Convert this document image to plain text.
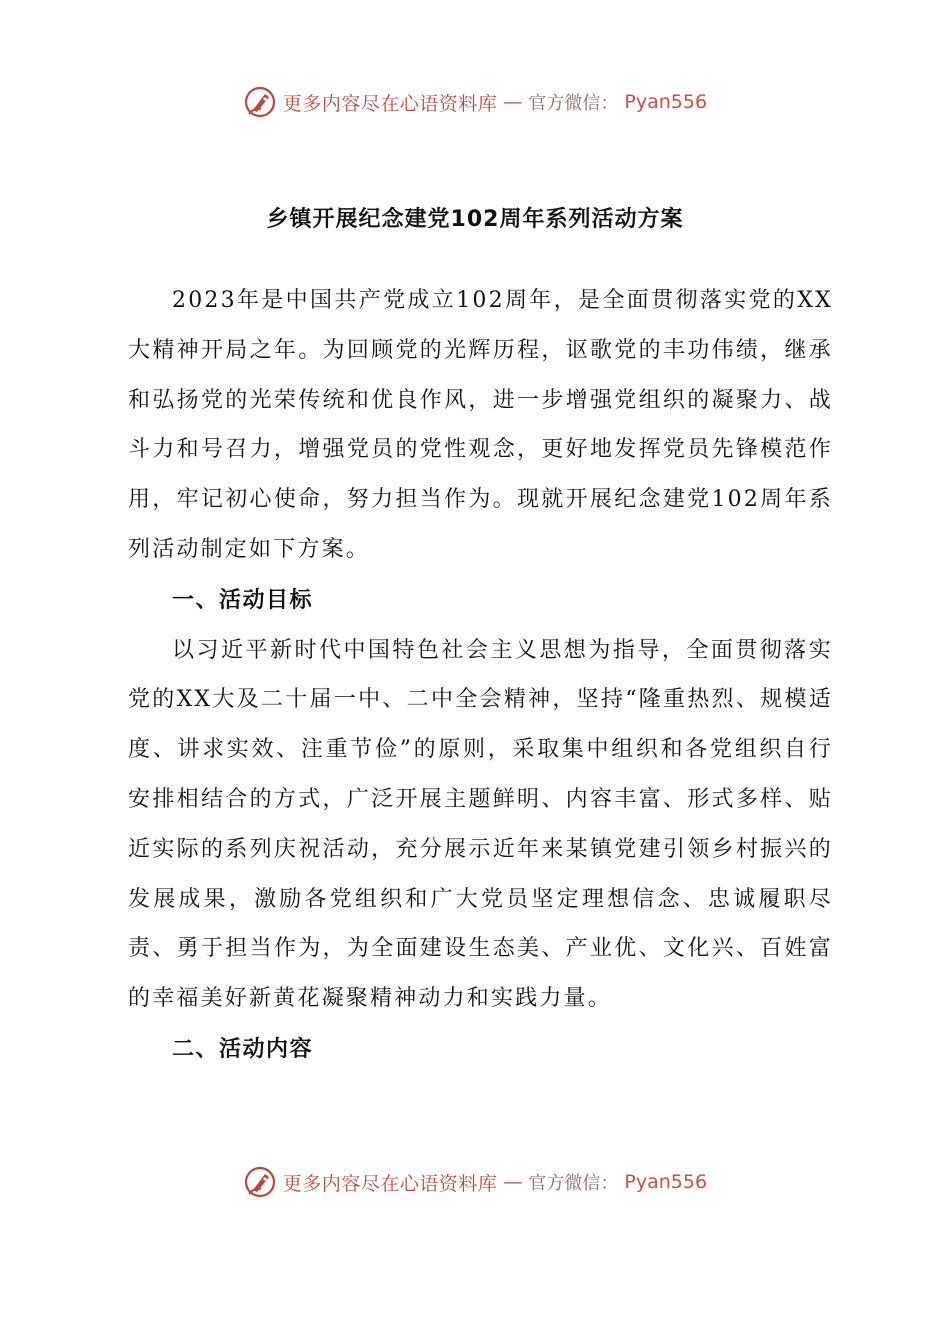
更多内容尽在心语资料库 — 官方微信： Pyan556
乡镇开展纪念建党102周年系列活动方案

2023年是中国共产党成立102周年，是全面贯彻落实党的XX大精神开局之年。为回顾党的光辉历程，讴歌党的丰功伟绩，继承和弘扬党的光荣传统和优良作风，进一步增强党组织的凝聚力、战斗力和号召力，增强党员的党性观念，更好地发挥党员先锋模范作用，牢记初心使命，努力担当作为。现就开展纪念建党102周年系列活动制定如下方案。

一、活动目标

以习近平新时代中国特色社会主义思想为指导，全面贯彻落实党的XX大及二十届一中、二中全会精神，坚持“隆重热烈、规模适度、讲求实效、注重节俭”的原则，采取集中组织和各党组织自行安排相结合的方式，广泛开展主题鲜明、内容丰富、形式多样、贴近实际的系列庆祝活动，充分展示近年来某镇党建引领乡村振兴的发展成果，激励各党组织和广大党员坚定理想信念、忠诚履职尽责、勇于担当作为，为全面建设生态美、产业优、文化兴、百姓富的幸福美好新黄花凝聚精神动力和实践力量。

二、活动内容

更多内容尽在心语资料库 — 官方微信： Pyan556
